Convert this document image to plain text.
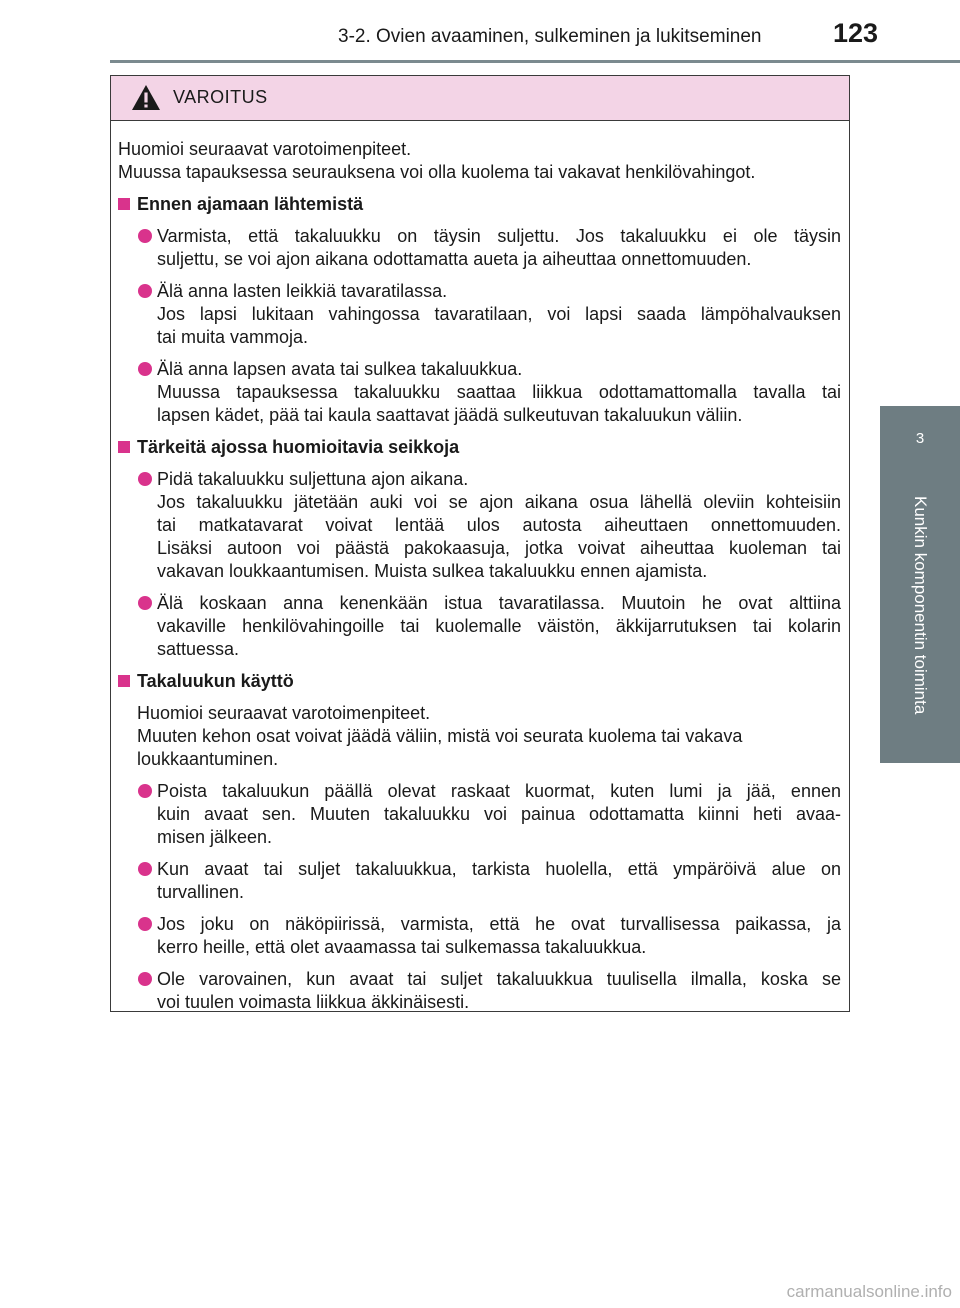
3-2. Ovien avaaminen, sulkeminen ja lukitseminen	123
3
Kunkin komponentin toiminta
VAROITUS
Huomioi seuraavat varotoimenpiteet.
Muussa tapauksessa seurauksena voi olla kuolema tai vakavat henkilövahingot.
Ennen ajamaan lähtemistä
Varmista, että takaluukku on täysin suljettu. Jos takaluukku ei ole täysin
suljettu, se voi ajon aikana odottamatta aueta ja aiheuttaa onnettomuuden.
Älä anna lasten leikkiä tavaratilassa.
Jos lapsi lukitaan vahingossa tavaratilaan, voi lapsi saada lämpöhalvauksen
tai muita vammoja.
Älä anna lapsen avata tai sulkea takaluukkua.
Muussa tapauksessa takaluukku saattaa liikkua odottamattomalla tavalla tai
lapsen kädet, pää tai kaula saattavat jäädä sulkeutuvan takaluukun väliin.
Tärkeitä ajossa huomioitavia seikkoja
Pidä takaluukku suljettuna ajon aikana.
Jos takaluukku jätetään auki voi se ajon aikana osua lähellä oleviin kohteisiin
tai matkatavarat voivat lentää ulos autosta aiheuttaen onnettomuuden.
Lisäksi autoon voi päästä pakokaasuja, jotka voivat aiheuttaa kuoleman tai
vakavan loukkaantumisen. Muista sulkea takaluukku ennen ajamista.
Älä koskaan anna kenenkään istua tavaratilassa. Muutoin he ovat alttiina
vakaville henkilövahingoille tai kuolemalle väistön, äkkijarrutuksen tai kolarin
sattuessa.
Takaluukun käyttö
Huomioi seuraavat varotoimenpiteet.
Muuten kehon osat voivat jäädä väliin, mistä voi seurata kuolema tai vakava
loukkaantuminen.
Poista takaluukun päällä olevat raskaat kuormat, kuten lumi ja jää, ennen
kuin avaat sen. Muuten takaluukku voi painua odottamatta kiinni heti avaa-
misen jälkeen.
Kun avaat tai suljet takaluukkua, tarkista huolella, että ympäröivä alue on
turvallinen.
Jos joku on näköpiirissä, varmista, että he ovat turvallisessa paikassa, ja
kerro heille, että olet avaamassa tai sulkemassa takaluukkua.
Ole varovainen, kun avaat tai suljet takaluukkua tuulisella ilmalla, koska se
voi tuulen voimasta liikkua äkkinäisesti.
carmanualsonline.info
